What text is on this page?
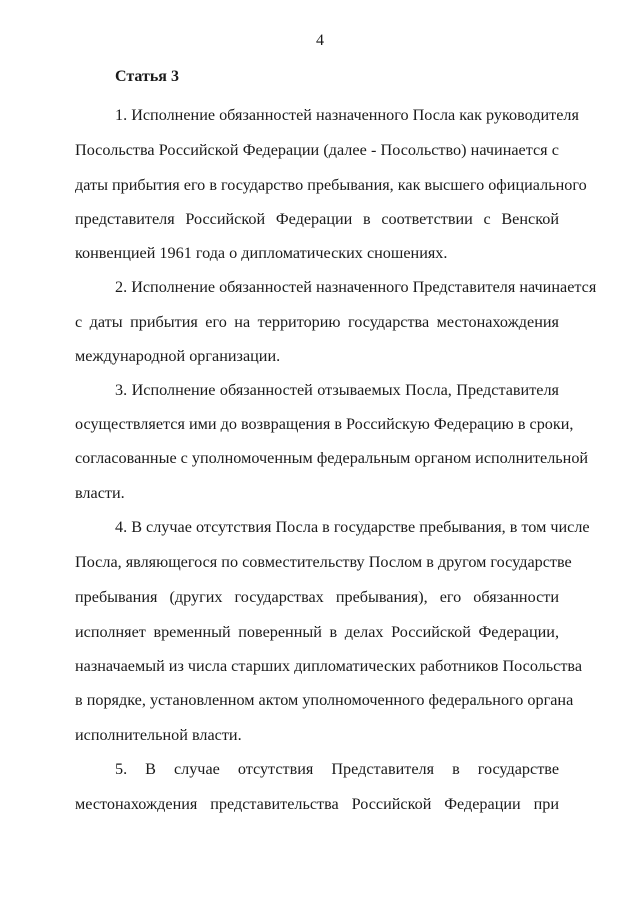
4
Статья 3
1. Исполнение обязанностей назначенного Посла как руководителя
Посольства Российской Федерации (далее - Посольство) начинается с
даты прибытия его в государство пребывания, как высшего официального
представителя Российской Федерации в соответствии с Венской
конвенцией 1961 года о дипломатических сношениях.
2. Исполнение обязанностей назначенного Представителя начинается
с даты прибытия его на территорию государства местонахождения
международной организации.
3. Исполнение обязанностей отзываемых Посла, Представителя
осуществляется ими до возвращения в Российскую Федерацию в сроки,
согласованные с уполномоченным федеральным органом исполнительной
власти.
4. В случае отсутствия Посла в государстве пребывания, в том числе
Посла, являющегося по совместительству Послом в другом государстве
пребывания (других государствах пребывания), его обязанности
исполняет временный поверенный в делах Российской Федерации,
назначаемый из числа старших дипломатических работников Посольства
в порядке, установленном актом уполномоченного федерального органа
исполнительной власти.
5. В случае отсутствия Представителя в государстве
местонахождения представительства Российской Федерации при
